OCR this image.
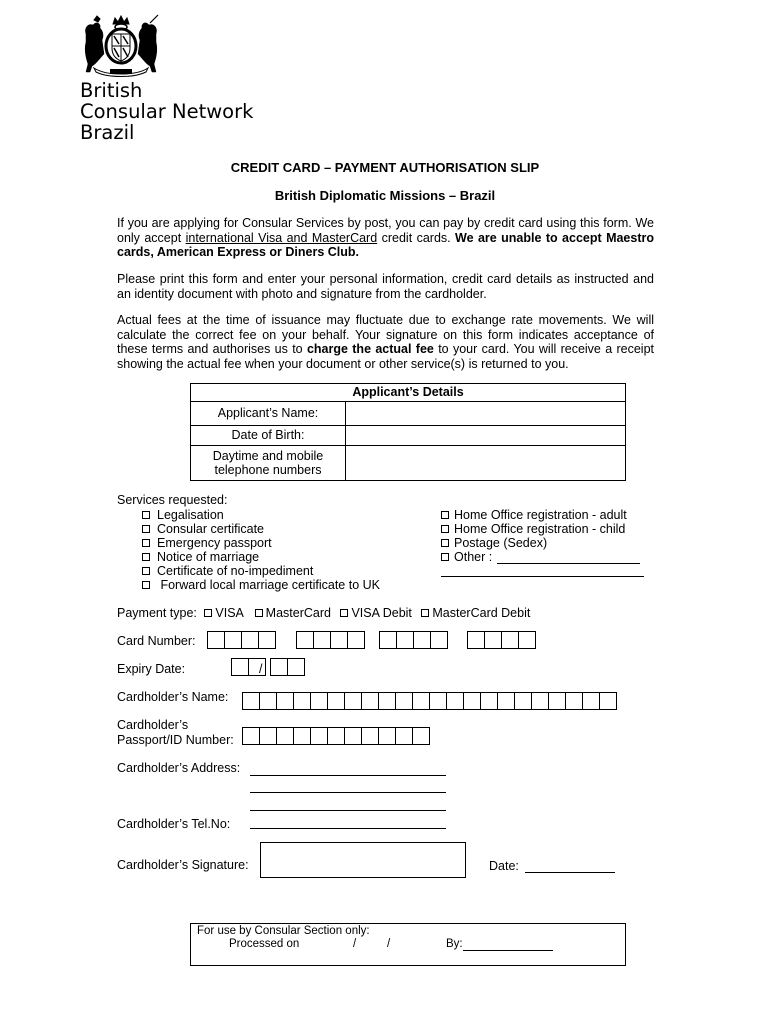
British
Consular Network
Brazil
CREDIT CARD – PAYMENT AUTHORISATION SLIP
British Diplomatic Missions – Brazil

If you are applying for Consular Services by post, you can pay by credit card using this form. We only accept international Visa and MasterCard credit cards. We are unable to accept Maestro cards, American Express or Diners Club.

Please print this form and enter your personal information, credit card details as instructed and an identity document with photo and signature from the cardholder.

Actual fees at the time of issuance may fluctuate due to exchange rate movements. We will calculate the correct fee on your behalf. Your signature on this form indicates acceptance of these terms and authorises us to charge the actual fee to your card. You will receive a receipt showing the actual fee when your document or other service(s) is returned to you.

Applicant’s Details
Applicant’s Name:
Date of Birth:
Daytime and mobile
telephone numbers
Services requested:
Legalisation
Consular certificate
Emergency passport
Notice of marriage
Certificate of no-impediment
Forward local marriage certificate to UK
Home Office registration - adult
Home Office registration - child
Postage (Sedex)
Other :
Payment type: VISA MasterCard VISA Debit MasterCard Debit
Card Number:
Expiry Date:	/
Cardholder’s Name:
Cardholder’s
Passport/ID Number:
Cardholder’s Address:
Cardholder’s Tel.No:
Cardholder’s Signature:	Date:
For use by Consular Section only:
Processed on	/	/	By:
